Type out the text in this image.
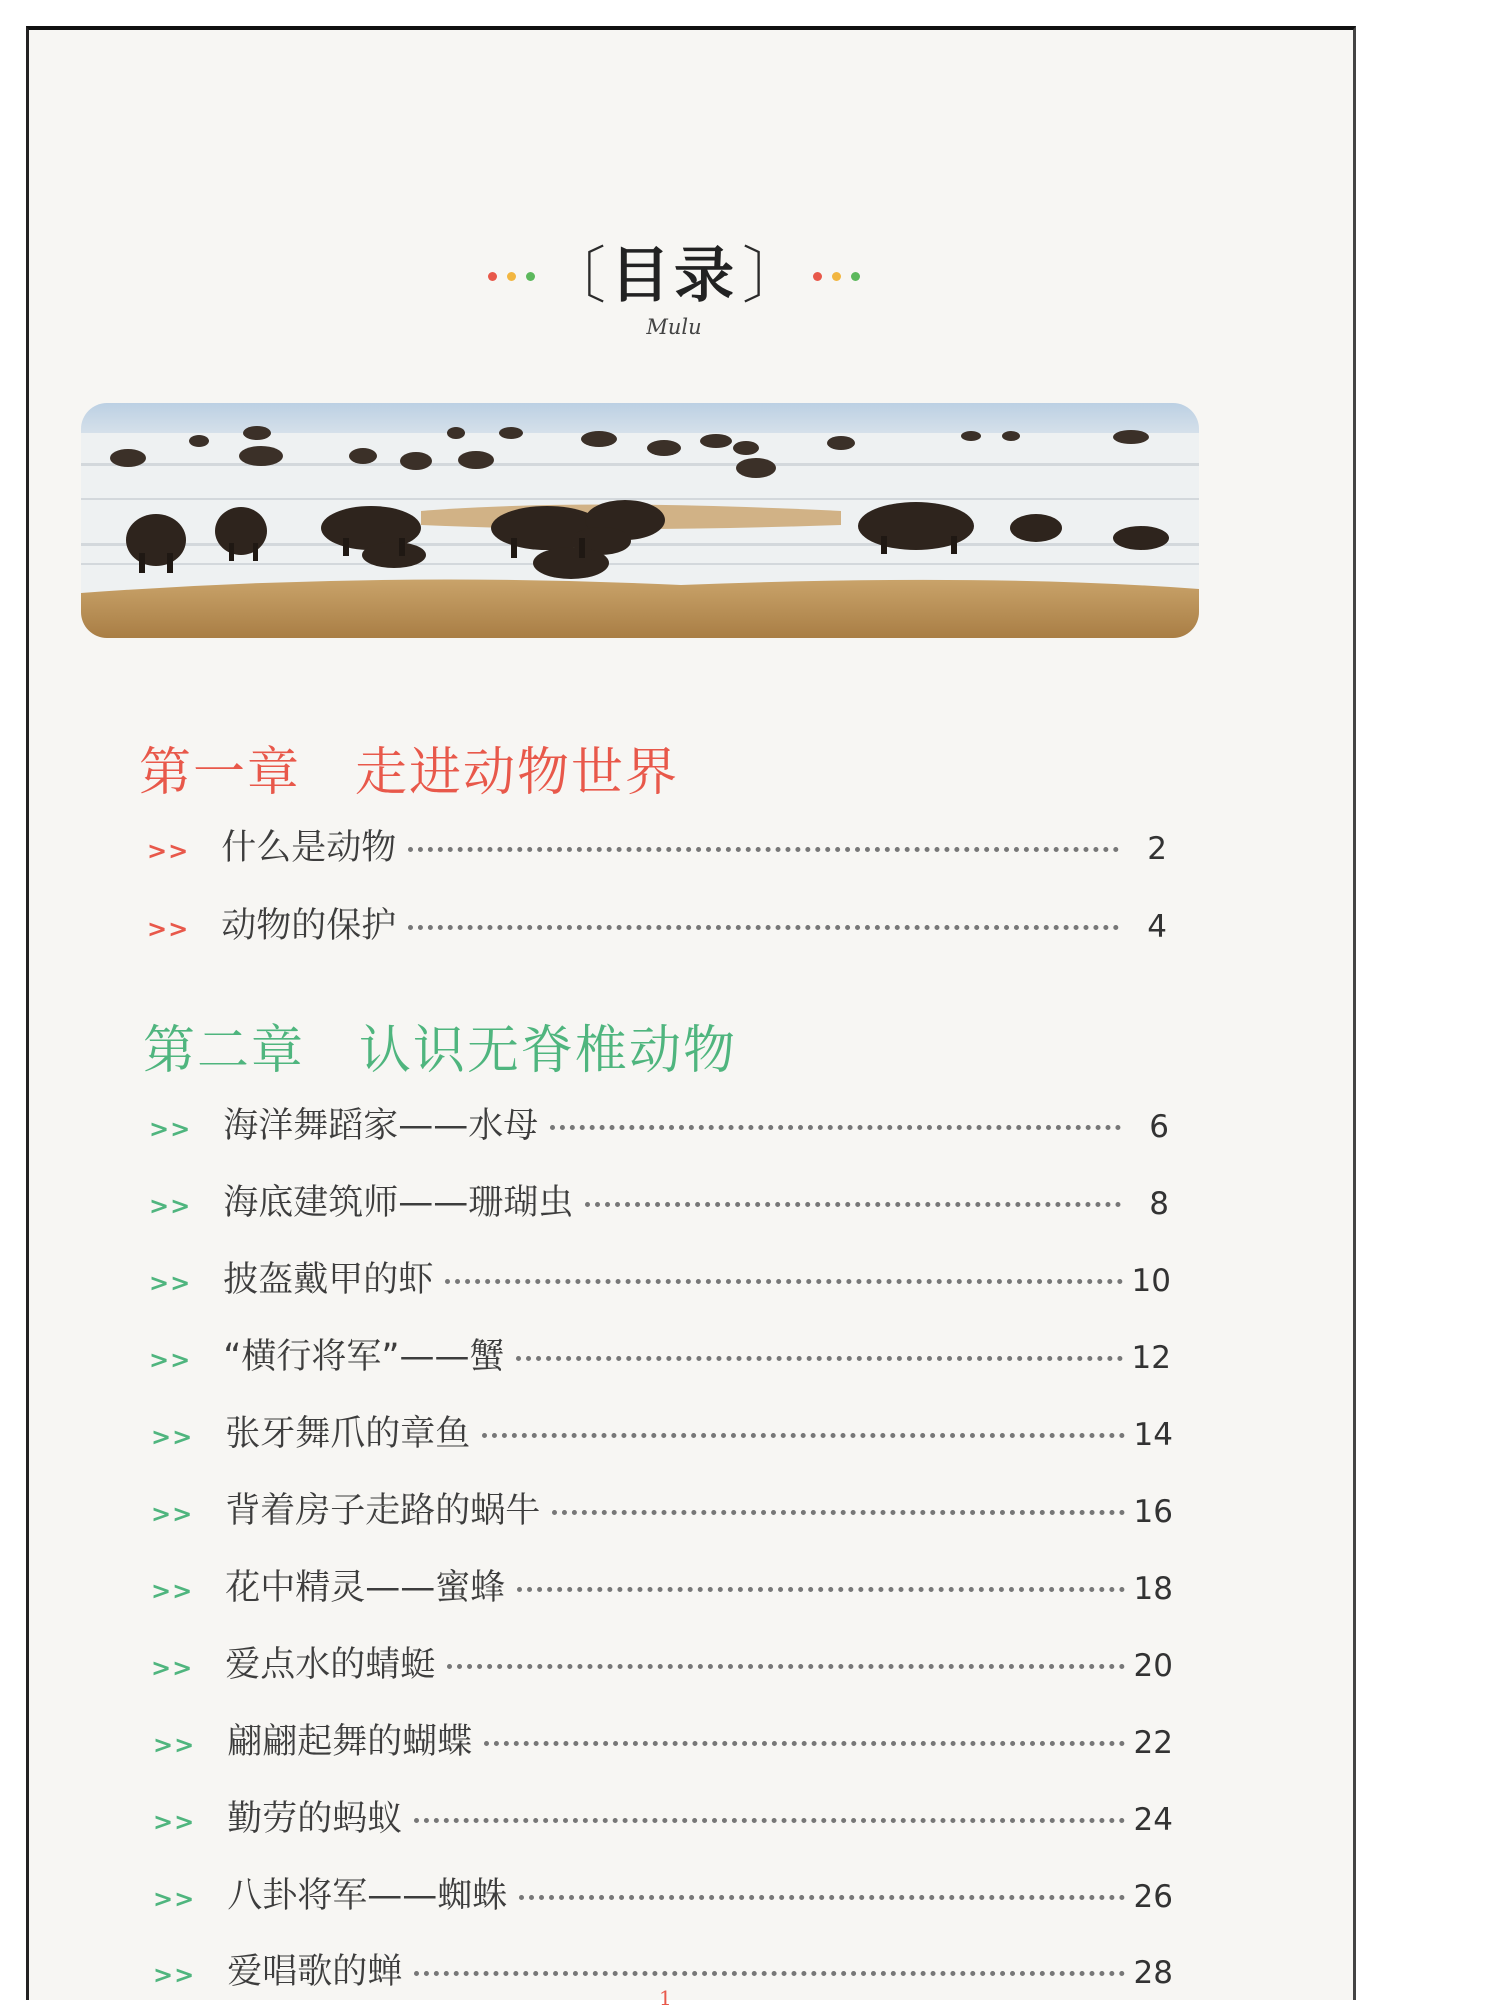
〔 目录 〕
Mulu
第一章 走进动物世界
>> 什么是动物	2
>> 动物的保护	4
第二章 认识无脊椎动物
>> 海洋舞蹈家——水母	6
>> 海底建筑师——珊瑚虫	8
>> 披盔戴甲的虾	10
>> “横行将军”——蟹	12
>> 张牙舞爪的章鱼	14
>> 背着房子走路的蜗牛	16
>> 花中精灵——蜜蜂	18
>> 爱点水的蜻蜓	20
>> 翩翩起舞的蝴蝶	22
>> 勤劳的蚂蚁	24
>> 八卦将军——蜘蛛	26
>> 爱唱歌的蝉	28
1
